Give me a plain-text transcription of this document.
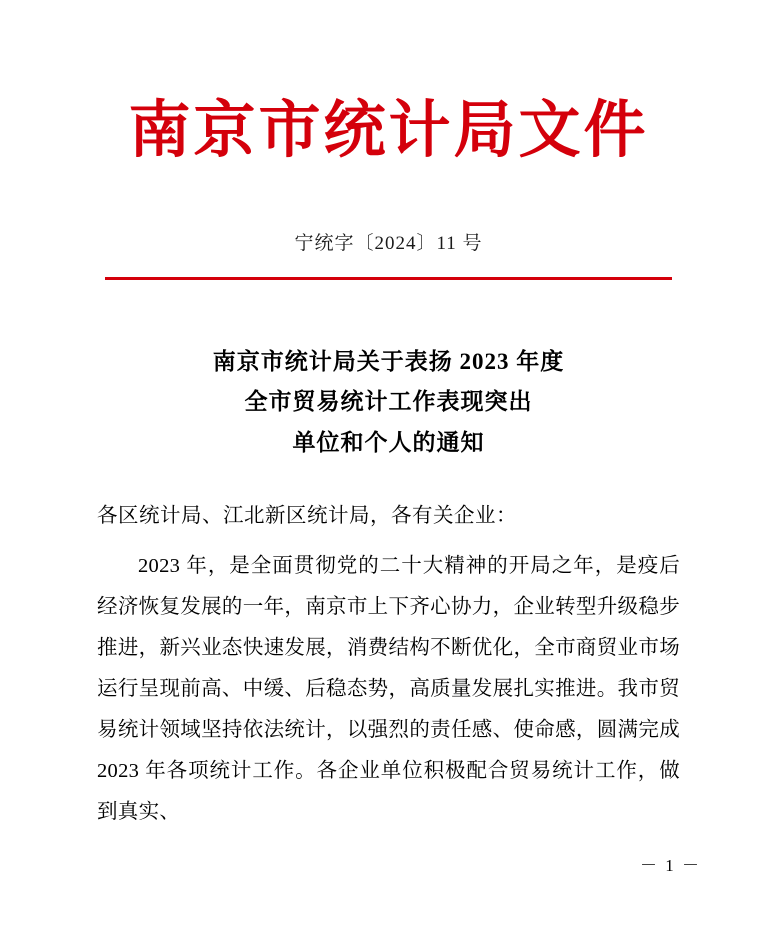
南京市统计局文件
宁统字〔2024〕11 号
南京市统计局关于表扬 2023 年度
全市贸易统计工作表现突出
单位和个人的通知
各区统计局、江北新区统计局，各有关企业：
2023 年，是全面贯彻党的二十大精神的开局之年，是疫后经济恢复发展的一年，南京市上下齐心协力，企业转型升级稳步推进，新兴业态快速发展，消费结构不断优化，全市商贸业市场运行呈现前高、中缓、后稳态势，高质量发展扎实推进。我市贸易统计领域坚持依法统计，以强烈的责任感、使命感，圆满完成 2023 年各项统计工作。各企业单位积极配合贸易统计工作，做到真实、
－ 1 －
